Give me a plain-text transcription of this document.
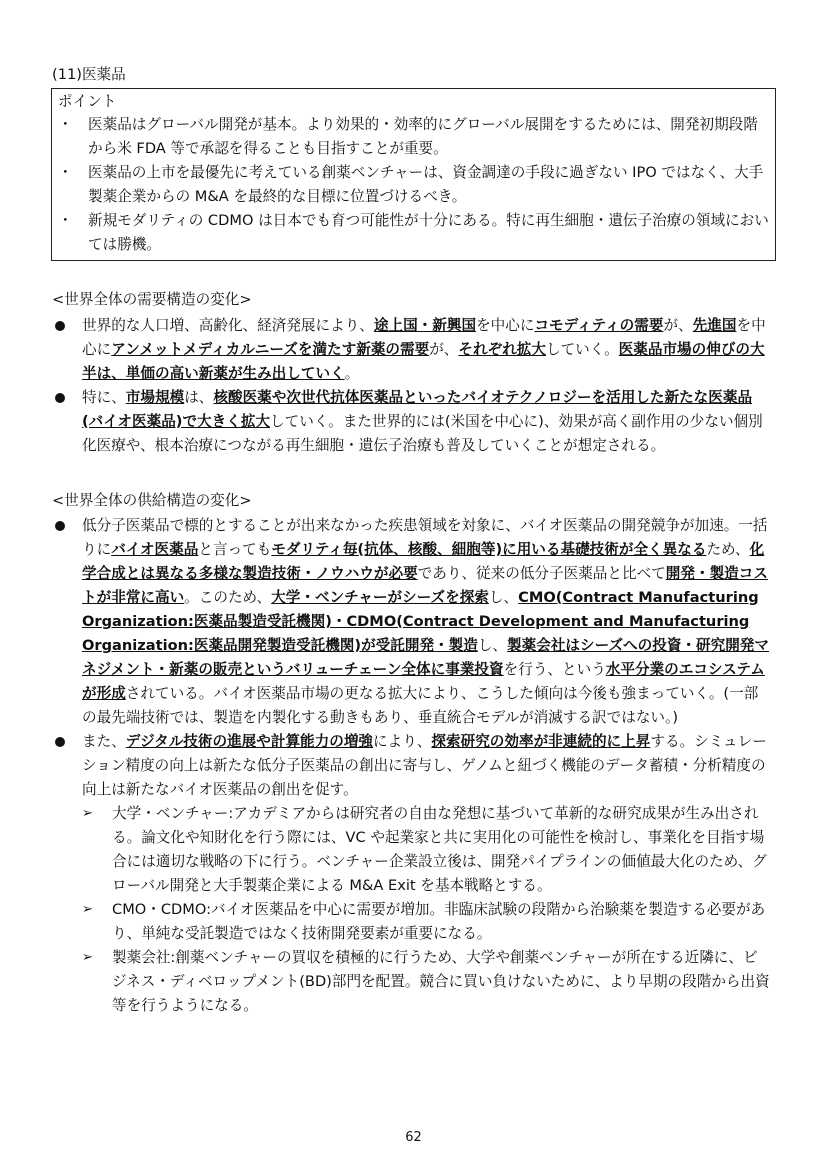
(11)医薬品
ポイント
・ 医薬品はグローバル開発が基本。より効果的・効率的にグローバル展開をするためには、開発初期段階から米 FDA 等で承認を得ることも目指すことが重要。
・ 医薬品の上市を最優先に考えている創薬ベンチャーは、資金調達の手段に過ぎない IPO ではなく、大手製薬企業からの M&A を最終的な目標に位置づけるべき。
・ 新規モダリティの CDMO は日本でも育つ可能性が十分にある。特に再生細胞・遺伝子治療の領域においては勝機。
<世界全体の需要構造の変化>
世界的な人口増、高齢化、経済発展により、途上国・新興国を中心にコモディティの需要が、先進国を中心にアンメットメディカルニーズを満たす新薬の需要が、それぞれ拡大していく。医薬品市場の伸びの大半は、単価の高い新薬が生み出していく。
特に、市場規模は、核酸医薬や次世代抗体医薬品といったバイオテクノロジーを活用した新たな医薬品(バイオ医薬品)で大きく拡大していく。また世界的には(米国を中心に)、効果が高く副作用の少ない個別化医療や、根本治療につながる再生細胞・遺伝子治療も普及していくことが想定される。
<世界全体の供給構造の変化>
低分子医薬品で標的とすることが出来なかった疾患領域を対象に、バイオ医薬品の開発競争が加速。一括りにバイオ医薬品と言ってもモダリティ毎(抗体、核酸、細胞等)に用いる基礎技術が全く異なるため、化学合成とは異なる多様な製造技術・ノウハウが必要であり、従来の低分子医薬品と比べて開発・製造コストが非常に高い。このため、大学・ベンチャーがシーズを探索し、CMO(Contract Manufacturing Organization:医薬品製造受託機関)・CDMO(Contract Development and Manufacturing Organization:医薬品開発製造受託機関)が受託開発・製造し、製薬会社はシーズへの投資・研究開発マネジメント・新薬の販売というバリューチェーン全体に事業投資を行う、という水平分業のエコシステムが形成されている。バイオ医薬品市場の更なる拡大により、こうした傾向は今後も強まっていく。(一部の最先端技術では、製造を内製化する動きもあり、垂直統合モデルが消滅する訳ではない。)
また、デジタル技術の進展や計算能力の増強により、探索研究の効率が非連続的に上昇する。シミュレーション精度の向上は新たな低分子医薬品の創出に寄与し、ゲノムと紐づく機能のデータ蓄積・分析精度の向上は新たなバイオ医薬品の創出を促す。
➢ 大学・ベンチャー:アカデミアからは研究者の自由な発想に基づいて革新的な研究成果が生み出される。論文化や知財化を行う際には、VC や起業家と共に実用化の可能性を検討し、事業化を目指す場合には適切な戦略の下に行う。ベンチャー企業設立後は、開発パイプラインの価値最大化のため、グローバル開発と大手製薬企業による M&A Exit を基本戦略とする。
➢ CMO・CDMO:バイオ医薬品を中心に需要が増加。非臨床試験の段階から治験薬を製造する必要があり、単純な受託製造ではなく技術開発要素が重要になる。
➢ 製薬会社:創薬ベンチャーの買収を積極的に行うため、大学や創薬ベンチャーが所在する近隣に、ビジネス・ディベロップメント(BD)部門を配置。競合に買い負けないために、より早期の段階から出資等を行うようになる。
62
